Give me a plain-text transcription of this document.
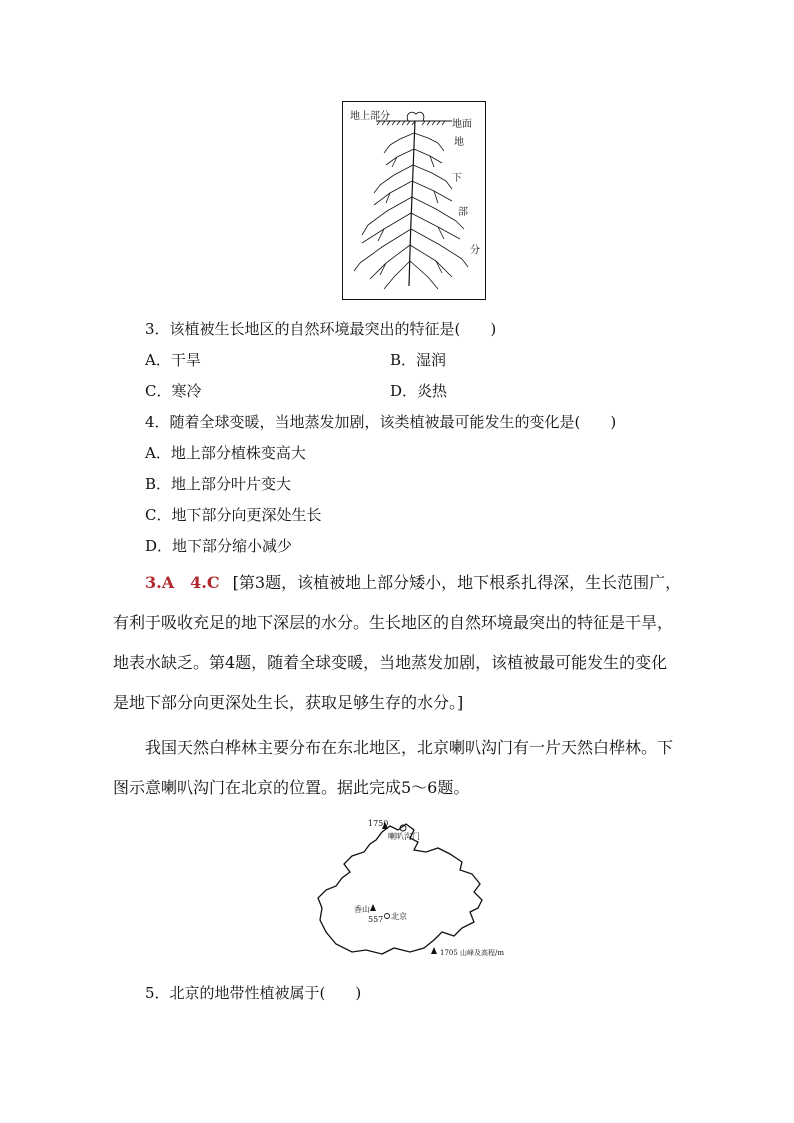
地上部分
地面
地
下
部
分
3．该植被生长地区的自然环境最突出的特征是(　　)
A．干旱	B．湿润
C．寒冷	D．炎热
4．随着全球变暖，当地蒸发加剧，该类植被最可能发生的变化是(　　)
A．地上部分植株变高大
B．地上部分叶片变大
C．地下部分向更深处生长
D．地下部分缩小减少
3.A　4.C [第3题，该植被地上部分矮小，地下根系扎得深，生长范围广，
有利于吸收充足的地下深层的水分。生长地区的自然环境最突出的特征是干旱，
地表水缺乏。第4题，随着全球变暖，当地蒸发加剧，该植被最可能发生的变化
是地下部分向更深处生长，获取足够生存的水分。]
我国天然白桦林主要分布在东北地区，北京喇叭沟门有一片天然白桦林。下
图示意喇叭沟门在北京的位置。据此完成5～6题。
1750
喇叭沟门
香山
557 北京
1705 山峰及高程/m
5．北京的地带性植被属于(　　)
